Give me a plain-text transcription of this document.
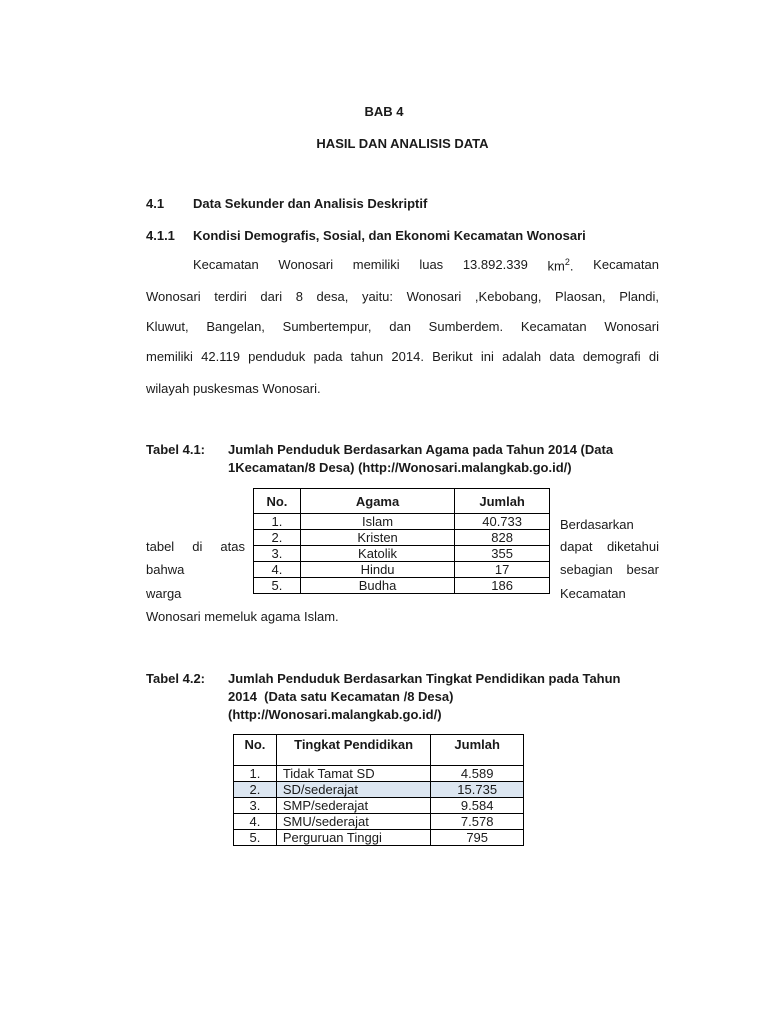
BAB 4
HASIL DAN ANALISIS DATA
4.1 Data Sekunder dan Analisis Deskriptif
4.1.1 Kondisi Demografis, Sosial, dan Ekonomi Kecamatan Wonosari
Kecamatan Wonosari memiliki luas 13.892.339 $km^2$. Kecamatan
Wonosari terdiri dari 8 desa, yaitu: Wonosari ,Kebobang, Plaosan, Plandi,
Kluwut, Bangelan, Sumbertempur, dan Sumberdem. Kecamatan Wonosari
memiliki 42.119 penduduk pada tahun 2014. Berikut ini adalah data demografi di
wilayah puskesmas Wonosari.
Tabel 4.1: Jumlah Penduduk Berdasarkan Agama pada Tahun 2014 (Data
1Kecamatan/8 Desa) (http://Wonosari.malangkab.go.id/)
No.	Agama	Jumlah
1.	Islam	40.733
2.	Kristen	828
3.	Katolik	355
4.	Hindu	17
5.	Budha	186
tabel di atas
bahwa
warga
Berdasarkan
dapat diketahui
sebagian besar
Kecamatan
Wonosari memeluk agama Islam.
Tabel 4.2: Jumlah Penduduk Berdasarkan Tingkat Pendidikan pada Tahun
2014  (Data satu Kecamatan /8 Desa)
(http://Wonosari.malangkab.go.id/)
No.	Tingkat Pendidikan	Jumlah
1.	Tidak Tamat SD	4.589
2.	SD/sederajat	15.735
3.	SMP/sederajat	9.584
4.	SMU/sederajat	7.578
5.	Perguruan Tinggi	795
